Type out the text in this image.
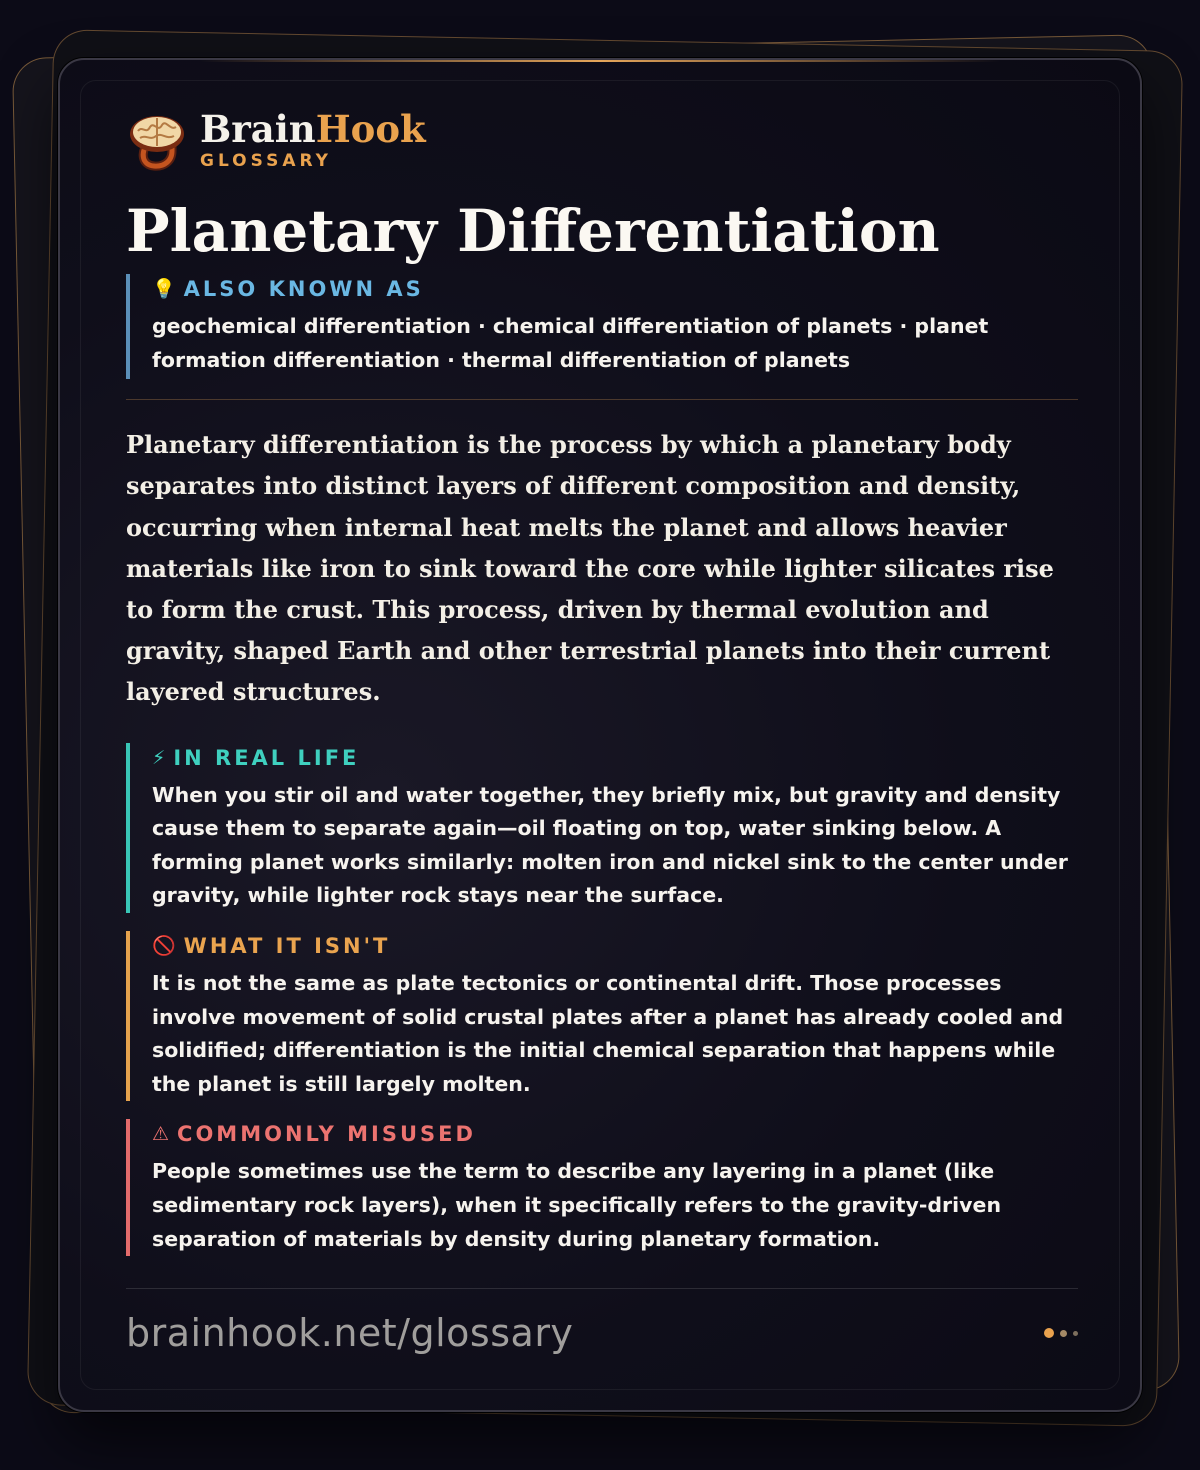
BrainHook
GLOSSARY
Planetary Differentiation
💡 ALSO KNOWN AS

geochemical differentiation · chemical differentiation of planets · planet formation differentiation · thermal differentiation of planets

Planetary differentiation is the process by which a planetary body separates into distinct layers of different composition and density, occurring when internal heat melts the planet and allows heavier materials like iron to sink toward the core while lighter silicates rise to form the crust. This process, driven by thermal evolution and gravity, shaped Earth and other terrestrial planets into their current layered structures.

⚡ IN REAL LIFE

When you stir oil and water together, they briefly mix, but gravity and density cause them to separate again—oil floating on top, water sinking below. A forming planet works similarly: molten iron and nickel sink to the center under gravity, while lighter rock stays near the surface.

🚫 WHAT IT ISN'T

It is not the same as plate tectonics or continental drift. Those processes involve movement of solid crustal plates after a planet has already cooled and solidified; differentiation is the initial chemical separation that happens while the planet is still largely molten.

⚠ COMMONLY MISUSED

People sometimes use the term to describe any layering in a planet (like sedimentary rock layers), when it specifically refers to the gravity-driven separation of materials by density during planetary formation.

brainhook.net/glossary
